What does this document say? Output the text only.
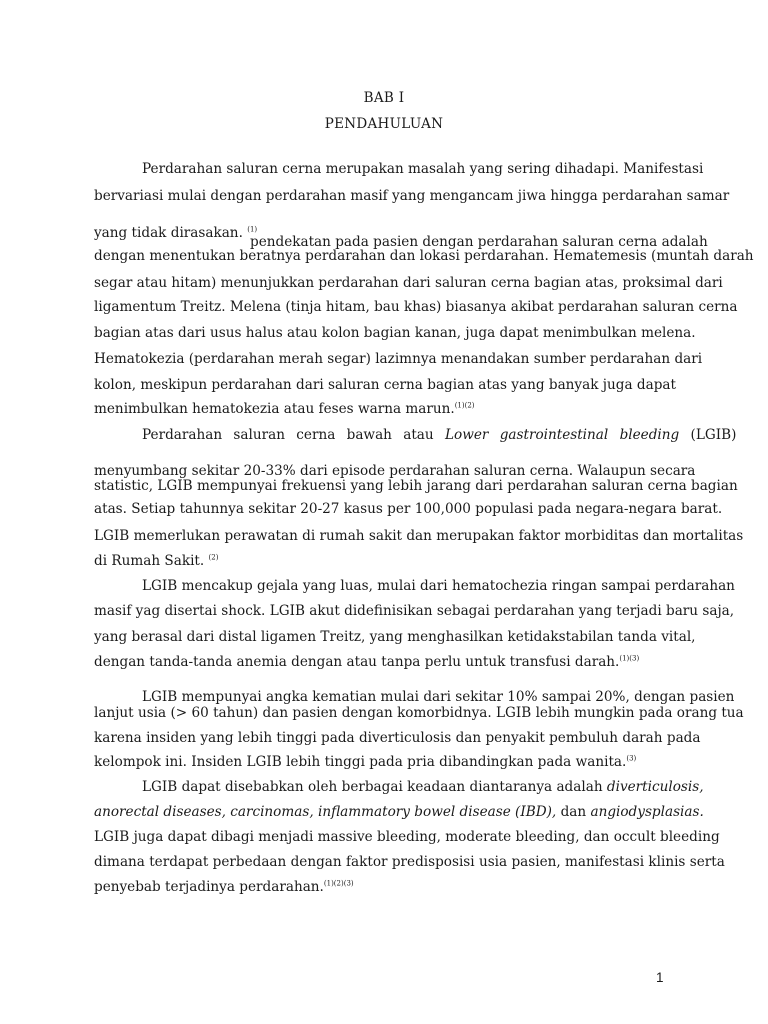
BAB I
PENDAHULUAN
Perdarahan saluran cerna merupakan masalah yang sering dihadapi. Manifestasi
bervariasi mulai dengan perdarahan masif yang mengancam jiwa hingga perdarahan samar
yang tidak dirasakan. $^{(1)}$
pendekatan pada pasien dengan perdarahan saluran cerna adalah
dengan menentukan beratnya perdarahan dan lokasi perdarahan. Hematemesis (muntah darah
segar atau hitam) menunjukkan perdarahan dari saluran cerna bagian atas, proksimal dari
ligamentum Treitz. Melena (tinja hitam, bau khas) biasanya akibat perdarahan saluran cerna
bagian atas dari usus halus atau kolon bagian kanan, juga dapat menimbulkan melena.
Hematokezia (perdarahan merah segar) lazimnya menandakan sumber perdarahan dari
kolon, meskipun perdarahan dari saluran cerna bagian atas yang banyak juga dapat
menimbulkan hematokezia atau feses warna marun.$^{(1)(2)}$
Perdarahan saluran cerna bawah atau Lower gastrointestinal bleeding (LGIB)
menyumbang sekitar 20-33% dari episode perdarahan saluran cerna. Walaupun secara
statistic, LGIB mempunyai frekuensi yang lebih jarang dari perdarahan saluran cerna bagian
atas. Setiap tahunnya sekitar 20-27 kasus per 100,000 populasi pada negara-negara barat.
LGIB memerlukan perawatan di rumah sakit dan merupakan faktor morbiditas dan mortalitas
di Rumah Sakit. $^{(2)}$
LGIB mencakup gejala yang luas, mulai dari hematochezia ringan sampai perdarahan
masif yag disertai shock. LGIB akut didefinisikan sebagai perdarahan yang terjadi baru saja,
yang berasal dari distal ligamen Treitz, yang menghasilkan ketidakstabilan tanda vital,
dengan tanda-tanda anemia dengan atau tanpa perlu untuk transfusi darah.$^{(1)(3)}$
LGIB mempunyai angka kematian mulai dari sekitar 10% sampai 20%, dengan pasien
lanjut usia (> 60 tahun) dan pasien dengan komorbidnya. LGIB lebih mungkin pada orang tua
karena insiden yang lebih tinggi pada diverticulosis dan penyakit pembuluh darah pada
kelompok ini. Insiden LGIB lebih tinggi pada pria dibandingkan pada wanita.$^{(3)}$
LGIB dapat disebabkan oleh berbagai keadaan diantaranya adalah diverticulosis,
anorectal diseases, carcinomas, inflammatory bowel disease (IBD), dan angiodysplasias.
LGIB juga dapat dibagi menjadi massive bleeding, moderate bleeding, dan occult bleeding
dimana terdapat perbedaan dengan faktor predisposisi usia pasien, manifestasi klinis serta
penyebab terjadinya perdarahan.$^{(1)(2)(3)}$
1
